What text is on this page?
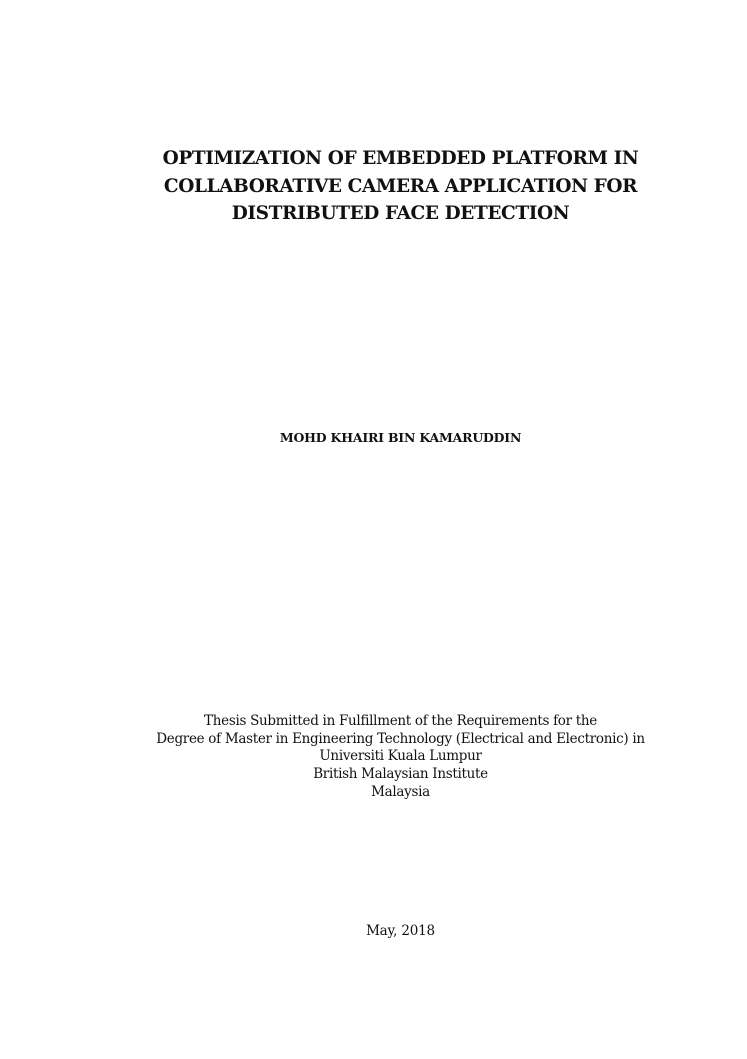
OPTIMIZATION OF EMBEDDED PLATFORM IN
COLLABORATIVE CAMERA APPLICATION FOR
DISTRIBUTED FACE DETECTION
MOHD KHAIRI BIN KAMARUDDIN
Thesis Submitted in Fulfillment of the Requirements for the
Degree of Master in Engineering Technology (Electrical and Electronic) in
Universiti Kuala Lumpur
British Malaysian Institute
Malaysia
May, 2018
